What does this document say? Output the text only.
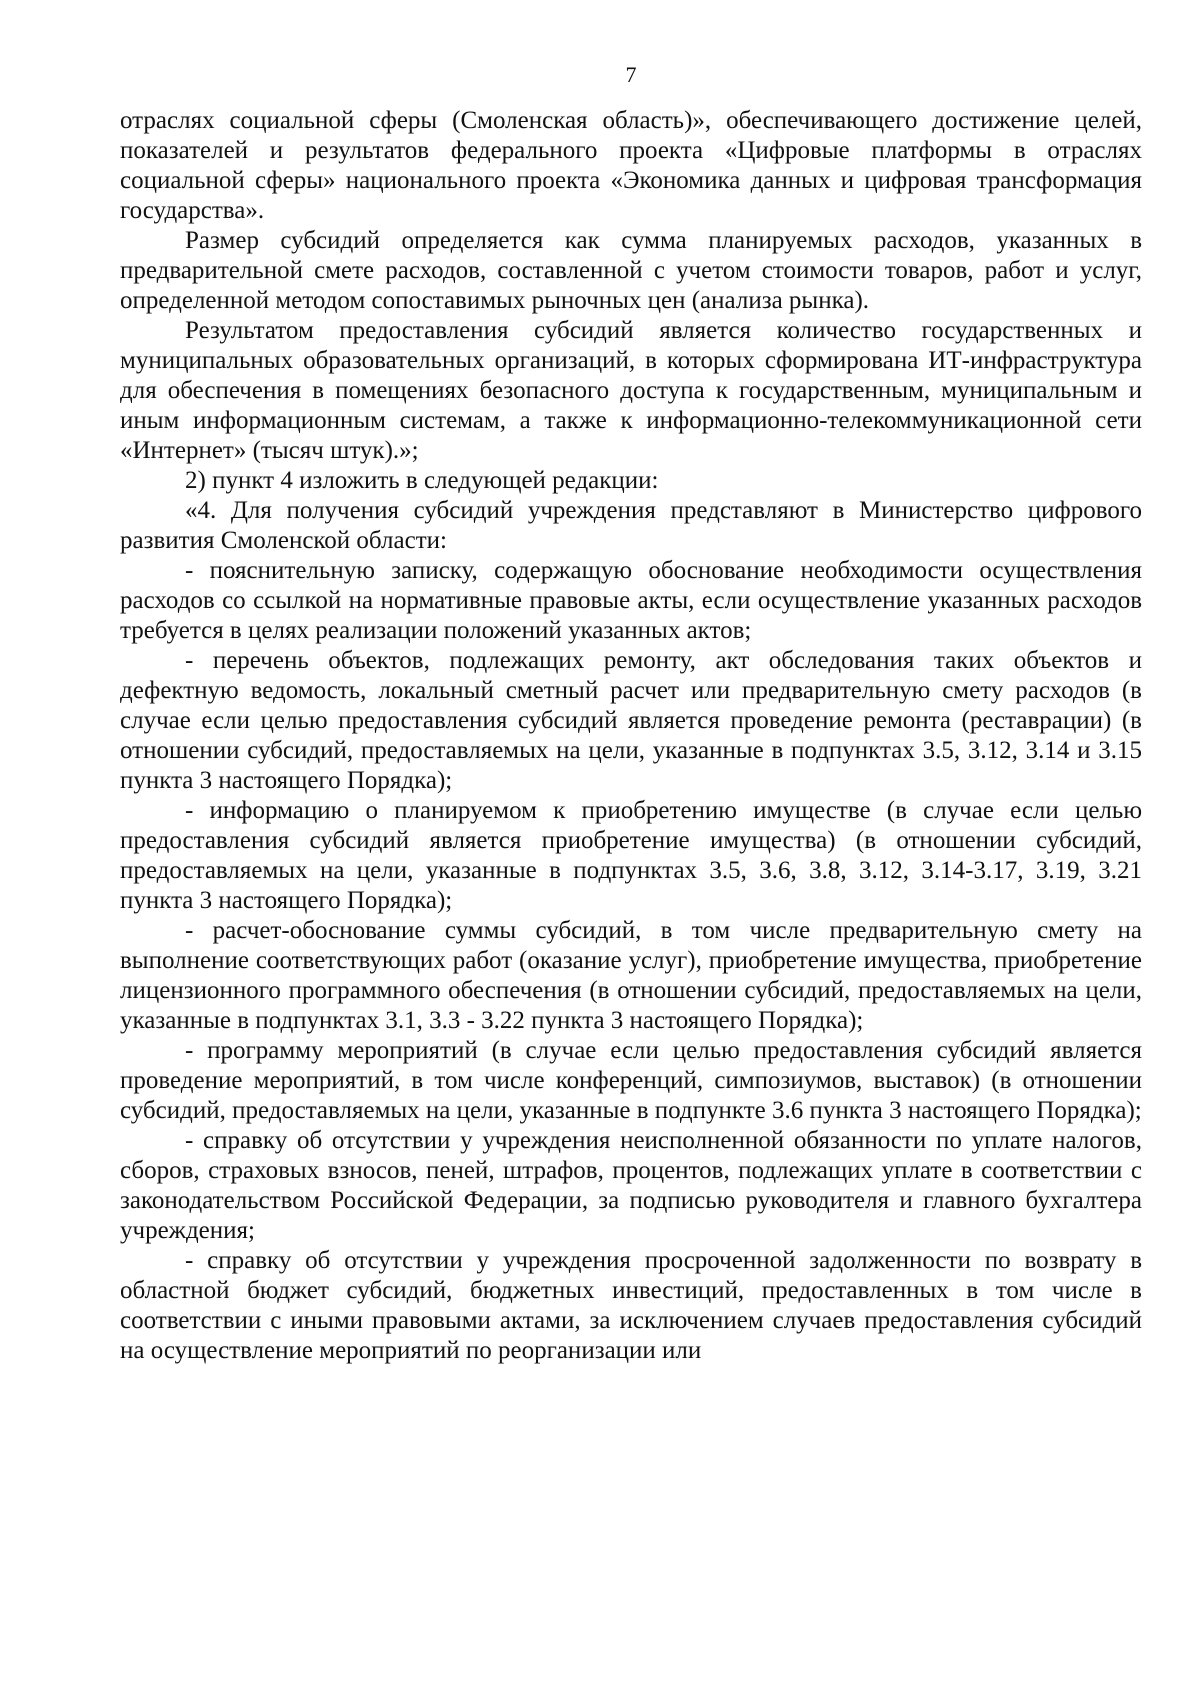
7

отраслях социальной сферы (Смоленская область)», обеспечивающего достижение целей, показателей и результатов федерального проекта «Цифровые платформы в отраслях социальной сферы» национального проекта «Экономика данных и цифровая трансформация государства».

Размер субсидий определяется как сумма планируемых расходов, указанных в предварительной смете расходов, составленной с учетом стоимости товаров, работ и услуг, определенной методом сопоставимых рыночных цен (анализа рынка).

Результатом предоставления субсидий является количество государственных и муниципальных образовательных организаций, в которых сформирована ИТ-инфраструктура для обеспечения в помещениях безопасного доступа к государственным, муниципальным и иным информационным системам, а также к информационно-телекоммуникационной сети «Интернет» (тысяч штук).»;

2) пункт 4 изложить в следующей редакции:

«4. Для получения субсидий учреждения представляют в Министерство цифрового развития Смоленской области:

- пояснительную записку, содержащую обоснование необходимости осуществления расходов со ссылкой на нормативные правовые акты, если осуществление указанных расходов требуется в целях реализации положений указанных актов;

- перечень объектов, подлежащих ремонту, акт обследования таких объектов и дефектную ведомость, локальный сметный расчет или предварительную смету расходов (в случае если целью предоставления субсидий является проведение ремонта (реставрации) (в отношении субсидий, предоставляемых на цели, указанные в подпунктах 3.5, 3.12, 3.14 и 3.15 пункта 3 настоящего Порядка);

- информацию о планируемом к приобретению имуществе (в случае если целью предоставления субсидий является приобретение имущества) (в отношении субсидий, предоставляемых на цели, указанные в подпунктах 3.5, 3.6, 3.8, 3.12, 3.14-3.17, 3.19, 3.21 пункта 3 настоящего Порядка);

- расчет-обоснование суммы субсидий, в том числе предварительную смету на выполнение соответствующих работ (оказание услуг), приобретение имущества, приобретение лицензионного программного обеспечения (в отношении субсидий, предоставляемых на цели, указанные в подпунктах 3.1, 3.3 - 3.22 пункта 3 настоящего Порядка);

- программу мероприятий (в случае если целью предоставления субсидий является проведение мероприятий, в том числе конференций, симпозиумов, выставок) (в отношении субсидий, предоставляемых на цели, указанные в подпункте 3.6 пункта 3 настоящего Порядка);

- справку об отсутствии у учреждения неисполненной обязанности по уплате налогов, сборов, страховых взносов, пеней, штрафов, процентов, подлежащих уплате в соответствии с законодательством Российской Федерации, за подписью руководителя и главного бухгалтера учреждения;

- справку об отсутствии у учреждения просроченной задолженности по возврату в областной бюджет субсидий, бюджетных инвестиций, предоставленных в том числе в соответствии с иными правовыми актами, за исключением случаев предоставления субсидий на осуществление мероприятий по реорганизации или
